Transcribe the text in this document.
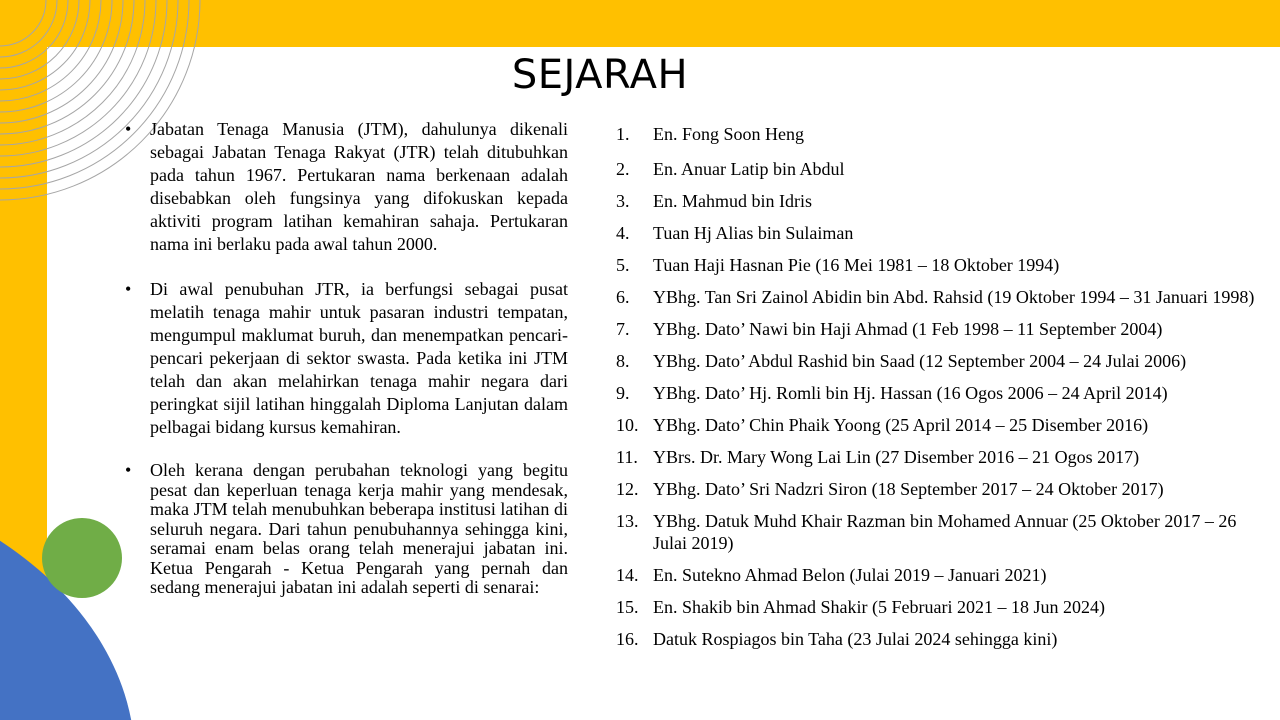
SEJARAH
• Jabatan Tenaga Manusia (JTM), dahulunya dikenali sebagai Jabatan Tenaga Rakyat (JTR) telah ditubuhkan pada tahun 1967. Pertukaran nama berkenaan adalah disebabkan oleh fungsinya yang difokuskan kepada aktiviti program latihan kemahiran sahaja. Pertukaran nama ini berlaku pada awal tahun 2000.
• Di awal penubuhan JTR, ia berfungsi sebagai pusat melatih tenaga mahir untuk pasaran industri tempatan, mengumpul maklumat buruh, dan menempatkan pencari-pencari pekerjaan di sektor swasta. Pada ketika ini JTM telah dan akan melahirkan tenaga mahir negara dari peringkat sijil latihan hinggalah Diploma Lanjutan dalam pelbagai bidang kursus kemahiran.
• Oleh kerana dengan perubahan teknologi yang begitu pesat dan keperluan tenaga kerja mahir yang mendesak, maka JTM telah menubuhkan beberapa institusi latihan di seluruh negara. Dari tahun penubuhannya sehingga kini, seramai enam belas orang telah menerajui jabatan ini. Ketua Pengarah - Ketua Pengarah yang pernah dan sedang menerajui jabatan ini adalah seperti di senarai:
1. En. Fong Soon Heng
2. En. Anuar Latip bin Abdul
3. En. Mahmud bin Idris
4. Tuan Hj Alias bin Sulaiman
5. Tuan Haji Hasnan Pie (16 Mei 1981 – 18 Oktober 1994)
6. YBhg. Tan Sri Zainol Abidin bin Abd. Rahsid (19 Oktober 1994 – 31 Januari 1998)
7. YBhg. Dato’ Nawi bin Haji Ahmad (1 Feb 1998 – 11 September 2004)
8. YBhg. Dato’ Abdul Rashid bin Saad (12 September 2004 – 24 Julai 2006)
9. YBhg. Dato’ Hj. Romli bin Hj. Hassan (16 Ogos 2006 – 24 April 2014)
10. YBhg. Dato’ Chin Phaik Yoong (25 April 2014 – 25 Disember 2016)
11. YBrs. Dr. Mary Wong Lai Lin (27 Disember 2016 – 21 Ogos 2017)
12. YBhg. Dato’ Sri Nadzri Siron (18 September 2017 – 24 Oktober 2017)
13. YBhg. Datuk Muhd Khair Razman bin Mohamed Annuar (25 Oktober 2017 – 26 Julai 2019)
14. En. Sutekno Ahmad Belon (Julai 2019 – Januari 2021)
15. En. Shakib bin Ahmad Shakir (5 Februari 2021 – 18 Jun 2024)
16. Datuk Rospiagos bin Taha (23 Julai 2024 sehingga kini)
